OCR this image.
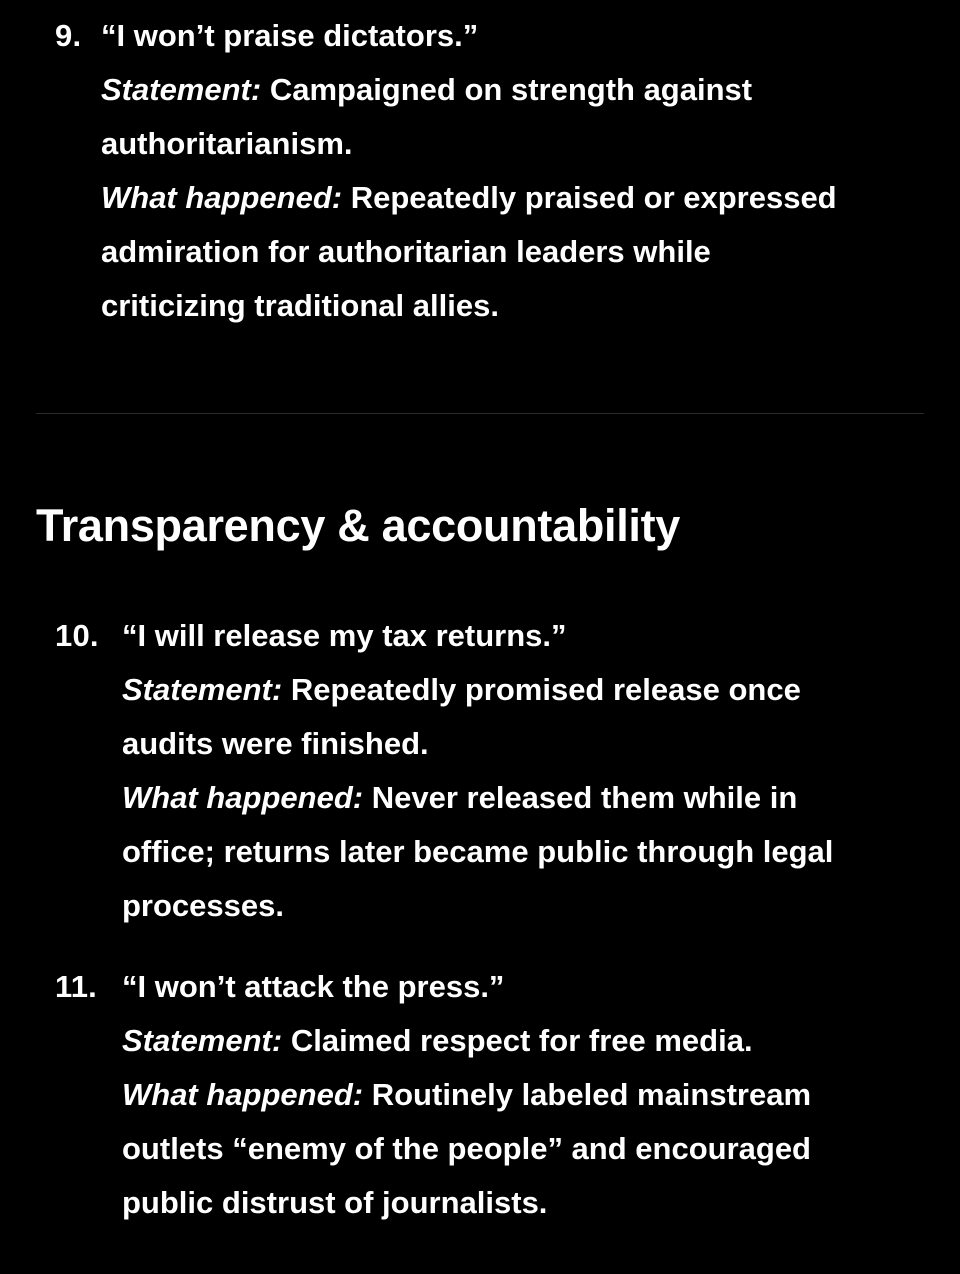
9. “I won’t praise dictators.”
Statement: Campaigned on strength against
authoritarianism.
What happened: Repeatedly praised or expressed
admiration for authoritarian leaders while
criticizing traditional allies.
Transparency & accountability
10. “I will release my tax returns.”
Statement: Repeatedly promised release once
audits were finished.
What happened: Never released them while in
office; returns later became public through legal
processes.
11. “I won’t attack the press.”
Statement: Claimed respect for free media.
What happened: Routinely labeled mainstream
outlets “enemy of the people” and encouraged
public distrust of journalists.
